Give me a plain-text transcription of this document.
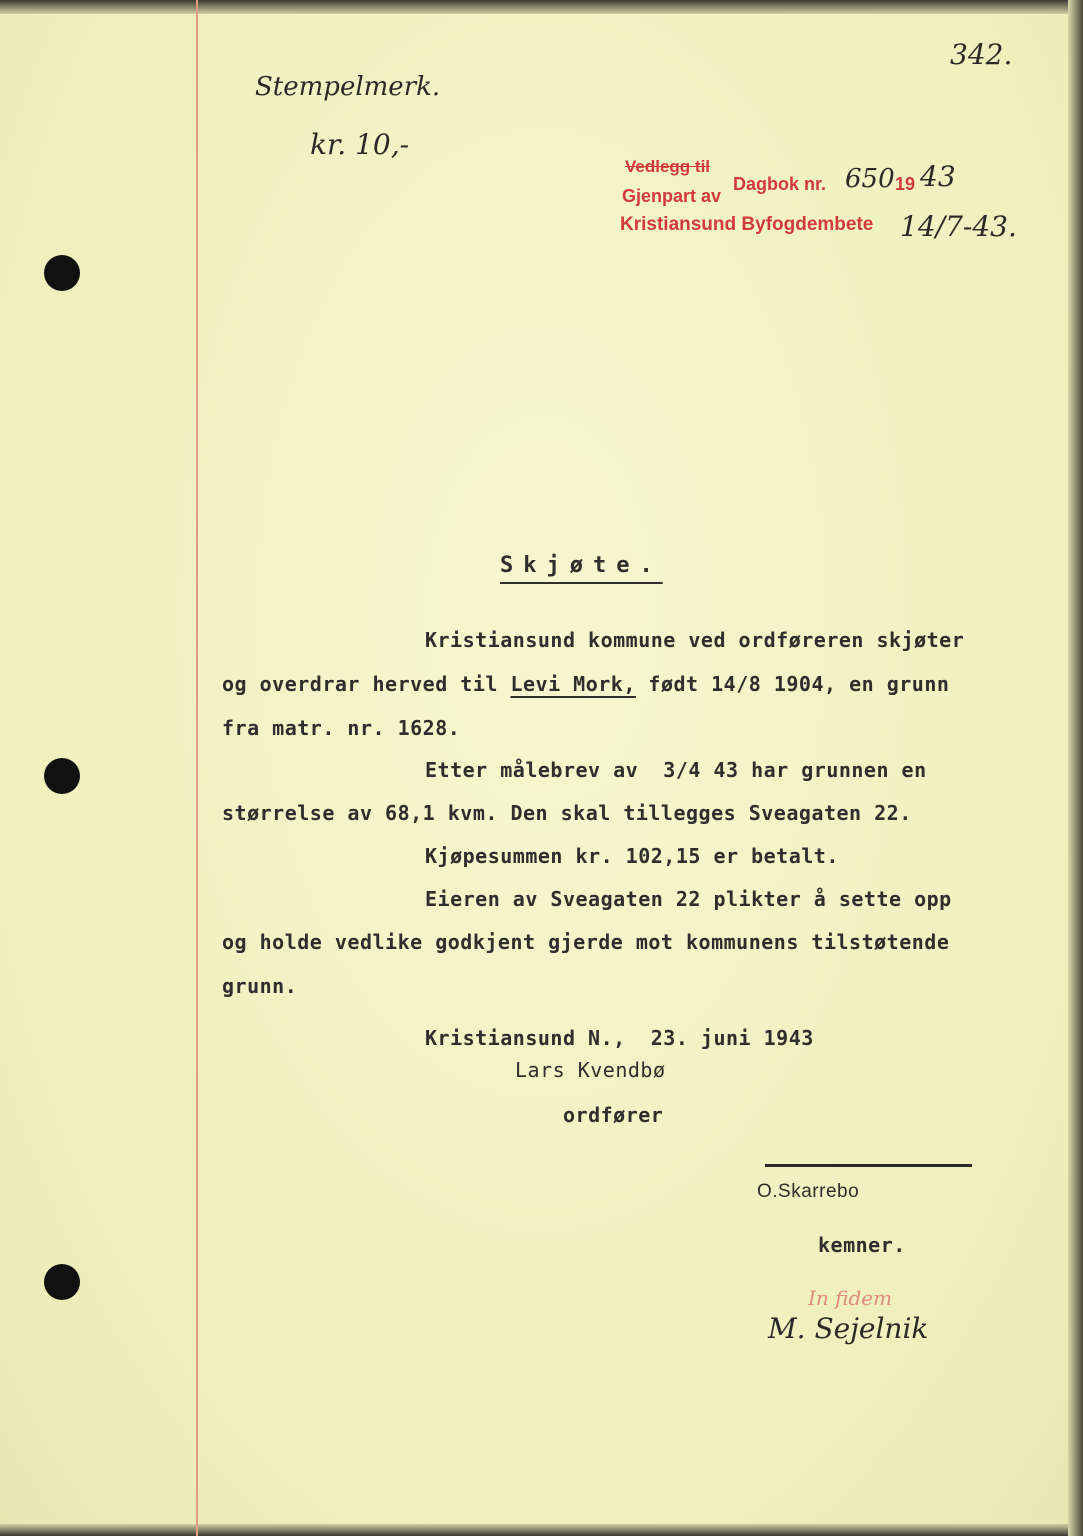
342.
Stempelmerk.
kr. 10,-
Vedlegg til
Gjenpart av
Dagbok nr. 650 19 43
Kristiansund Byfogdembete 14/7-43.
Skjøte.
Kristiansund kommune ved ordføreren skjøter
og overdrar herved til Levi Mork, født 14/8 1904, en grunn
fra matr. nr. 1628.
Etter målebrev av  3/4 43 har grunnen en
størrelse av 68,1 kvm. Den skal tillegges Sveagaten 22.
Kjøpesummen kr. 102,15 er betalt.
Eieren av Sveagaten 22 plikter å sette opp
og holde vedlike godkjent gjerde mot kommunens tilstøtende
grunn.
Kristiansund N.,  23. juni 1943
Lars Kvendbø
ordfører
O.Skarrebo
kemner.
In fidem
M. Sejelnik
